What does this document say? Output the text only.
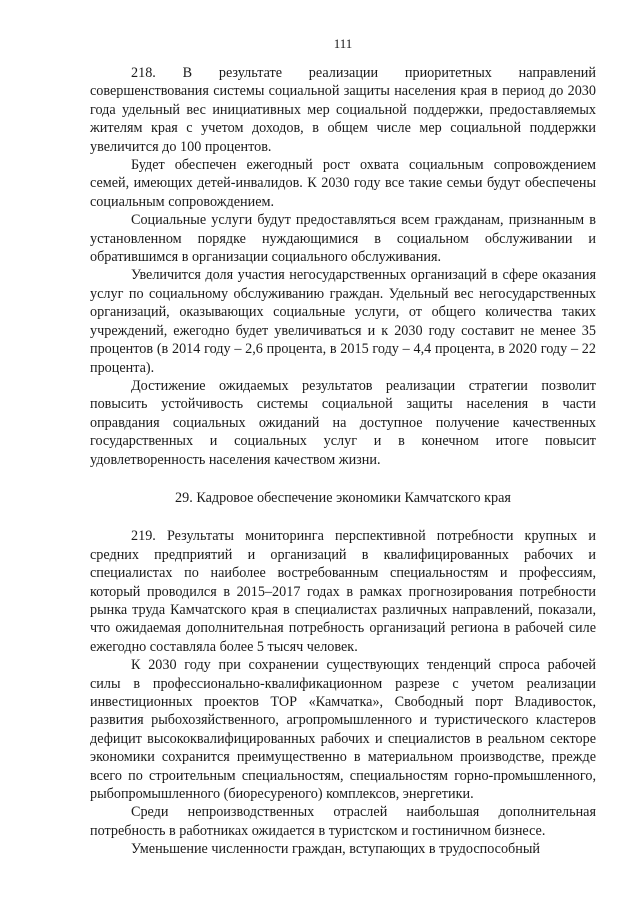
111

218. В результате реализации приоритетных направлений совершенствования системы социальной защиты населения края в период до 2030 года удельный вес инициативных мер социальной поддержки, предоставляемых жителям края с учетом доходов, в общем числе мер социальной поддержки увеличится до 100 процентов.

Будет обеспечен ежегодный рост охвата социальным сопровождением семей, имеющих детей-инвалидов. К 2030 году все такие семьи будут обеспечены социальным сопровождением.

Социальные услуги будут предоставляться всем гражданам, признанным в установленном порядке нуждающимися в социальном обслуживании и обратившимся в организации социального обслуживания.

Увеличится доля участия негосударственных организаций в сфере оказания услуг по социальному обслуживанию граждан. Удельный вес негосударственных организаций, оказывающих социальные услуги, от общего количества таких учреждений, ежегодно будет увеличиваться и к 2030 году составит не менее 35 процентов (в 2014 году – 2,6 процента, в 2015 году – 4,4 процента, в 2020 году – 22 процента).

Достижение ожидаемых результатов реализации стратегии позволит повысить устойчивость системы социальной защиты населения в части оправдания социальных ожиданий на доступное получение качественных государственных и социальных услуг и в конечном итоге повысит удовлетворенность населения качеством жизни.

29. Кадровое обеспечение экономики Камчатского края

219. Результаты мониторинга перспективной потребности крупных и средних предприятий и организаций в квалифицированных рабочих и специалистах по наиболее востребованным специальностям и профессиям, который проводился в 2015–2017 годах в рамках прогнозирования потребности рынка труда Камчатского края в специалистах различных направлений, показали, что ожидаемая дополнительная потребность организаций региона в рабочей силе ежегодно составляла более 5 тысяч человек.

К 2030 году при сохранении существующих тенденций спроса рабочей силы в профессионально-квалификационном разрезе с учетом реализации инвестиционных проектов ТОР «Камчатка», Свободный порт Владивосток, развития рыбохозяйственного, агропромышленного и туристического кластеров дефицит высококвалифицированных рабочих и специалистов в реальном секторе экономики сохранится преимущественно в материальном производстве, прежде всего по строительным специальностям, специальностям горно-промышленного, рыбопромышленного (биоресуреного) комплексов, энергетики.

Среди непроизводственных отраслей наибольшая дополнительная потребность в работниках ожидается в туристском и гостиничном бизнесе.

Уменьшение численности граждан, вступающих в трудоспособный
